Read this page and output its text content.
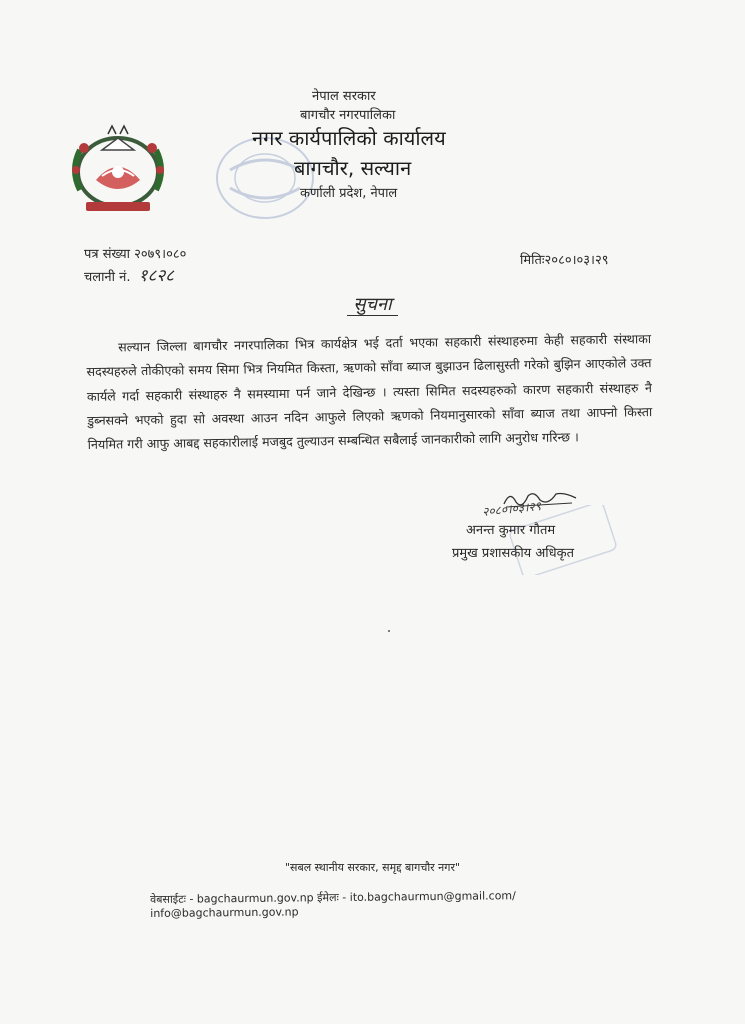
नेपाल सरकार
बागचौर नगरपालिका
नगर कार्यपालिको कार्यालय
बागचौर, सल्यान
कर्णाली प्रदेश, नेपाल
पत्र संख्या २०७९।०८०
चलानी नं. १८२८
मितिः२०८०।०३।२९
सुचना
सल्यान जिल्ला बागचौर नगरपालिका भित्र कार्यक्षेत्र भई दर्ता भएका सहकारी संस्थाहरुमा केही सहकारी संस्थाका सदस्यहरुले तोकीएको समय सिमा भित्र नियमित किस्ता, ऋणको साँवा ब्याज बुझाउन ढिलासुस्ती गरेको बुझिन आएकोले उक्त कार्यले गर्दा सहकारी संस्थाहरु नै समस्यामा पर्न जाने देखिन्छ । त्यस्ता सिमित सदस्यहरुको कारण सहकारी संस्थाहरु नै डुब्नसक्ने भएको हुदा सो अवस्था आउन नदिन आफुले लिएको ऋणको नियमानुसारको साँवा ब्याज तथा आफ्नो किस्ता नियमित गरी आफु आबद्द सहकारीलाई मजबुद तुल्याउन सम्बन्धित सबैलाई जानकारीको लागि अनुरोध गरिन्छ ।
२०८०।०३।२९
अनन्त कुमार गौतम
प्रमुख प्रशासकीय अधिकृत
"सबल स्थानीय सरकार, समृद्द बागचौर नगर"
वेबसाईटः - bagchaurmun.gov.np ईमेलः - ito.bagchaurmun@gmail.com/ info@bagchaurmun.gov.np
